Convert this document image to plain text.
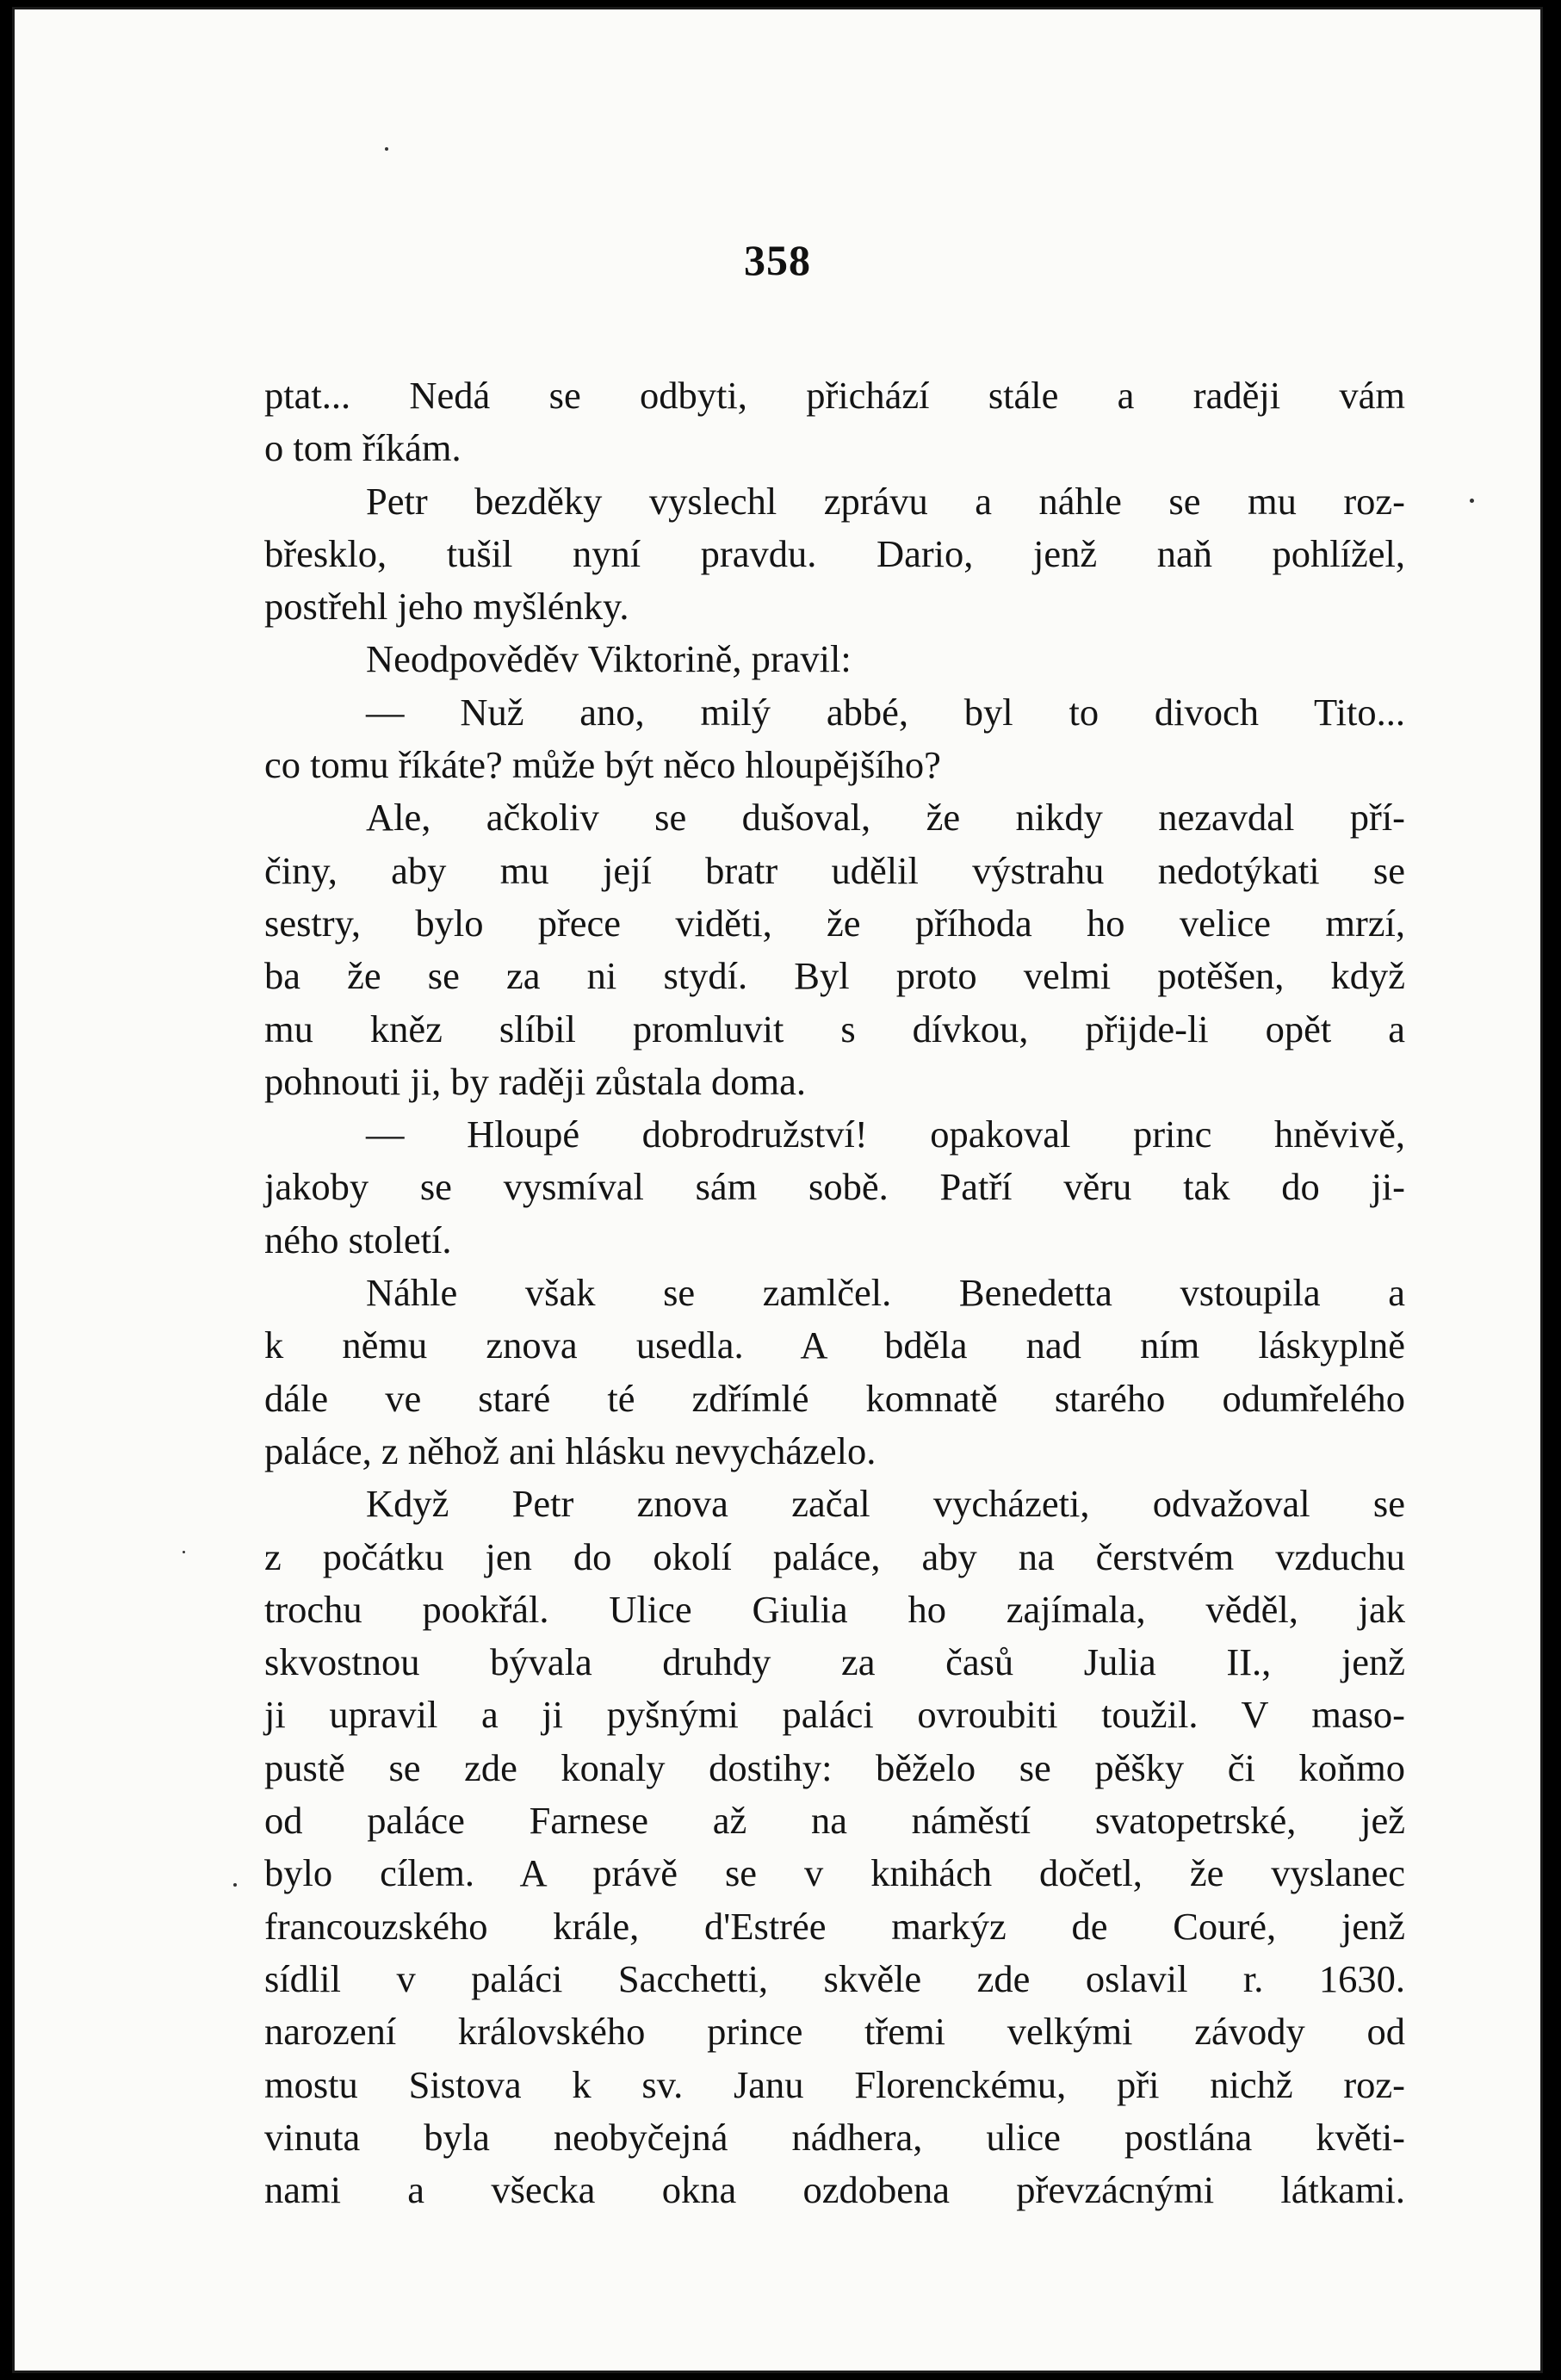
358
ptat... Nedá se odbyti, přichází stále a raději vám
o tom říkám.
Petr bezděky vyslechl zprávu a náhle se mu roz-
břesklo, tušil nyní pravdu. Dario, jenž naň pohlížel,
postřehl jeho myšlénky.
Neodpověděv Viktorině, pravil:
— Nuž ano, milý abbé, byl to divoch Tito...
co tomu říkáte? může být něco hloupějšího?
Ale, ačkoliv se dušoval, že nikdy nezavdal pří-
činy, aby mu její bratr udělil výstrahu nedotýkati se
sestry, bylo přece viděti, že příhoda ho velice mrzí,
ba že se za ni stydí. Byl proto velmi potěšen, když
mu kněz slíbil promluvit s dívkou, přijde-li opět a
pohnouti ji, by raději zůstala doma.
— Hloupé dobrodružství! opakoval princ hněvivě,
jakoby se vysmíval sám sobě. Patří věru tak do ji-
ného století.
Náhle však se zamlčel. Benedetta vstoupila a
k němu znova usedla. A bděla nad ním láskyplně
dále ve staré té zdřímlé komnatě starého odumřelého
paláce, z něhož ani hlásku nevycházelo.
Když Petr znova začal vycházeti, odvažoval se
z počátku jen do okolí paláce, aby na čerstvém vzduchu
trochu pookřál. Ulice Giulia ho zajímala, věděl, jak
skvostnou bývala druhdy za časů Julia II., jenž
ji upravil a ji pyšnými paláci ovroubiti toužil. V maso-
pustě se zde konaly dostihy: běželo se pěšky či koňmo
od paláce Farnese až na náměstí svatopetrské, jež
bylo cílem. A právě se v knihách dočetl, že vyslanec
francouzského krále, d'Estrée markýz de Couré, jenž
sídlil v paláci Sacchetti, skvěle zde oslavil r. 1630.
narození královského prince třemi velkými závody od
mostu Sistova k sv. Janu Florenckému, při nichž roz-
vinuta byla neobyčejná nádhera, ulice postlána květi-
nami a všecka okna ozdobena převzácnými látkami.
